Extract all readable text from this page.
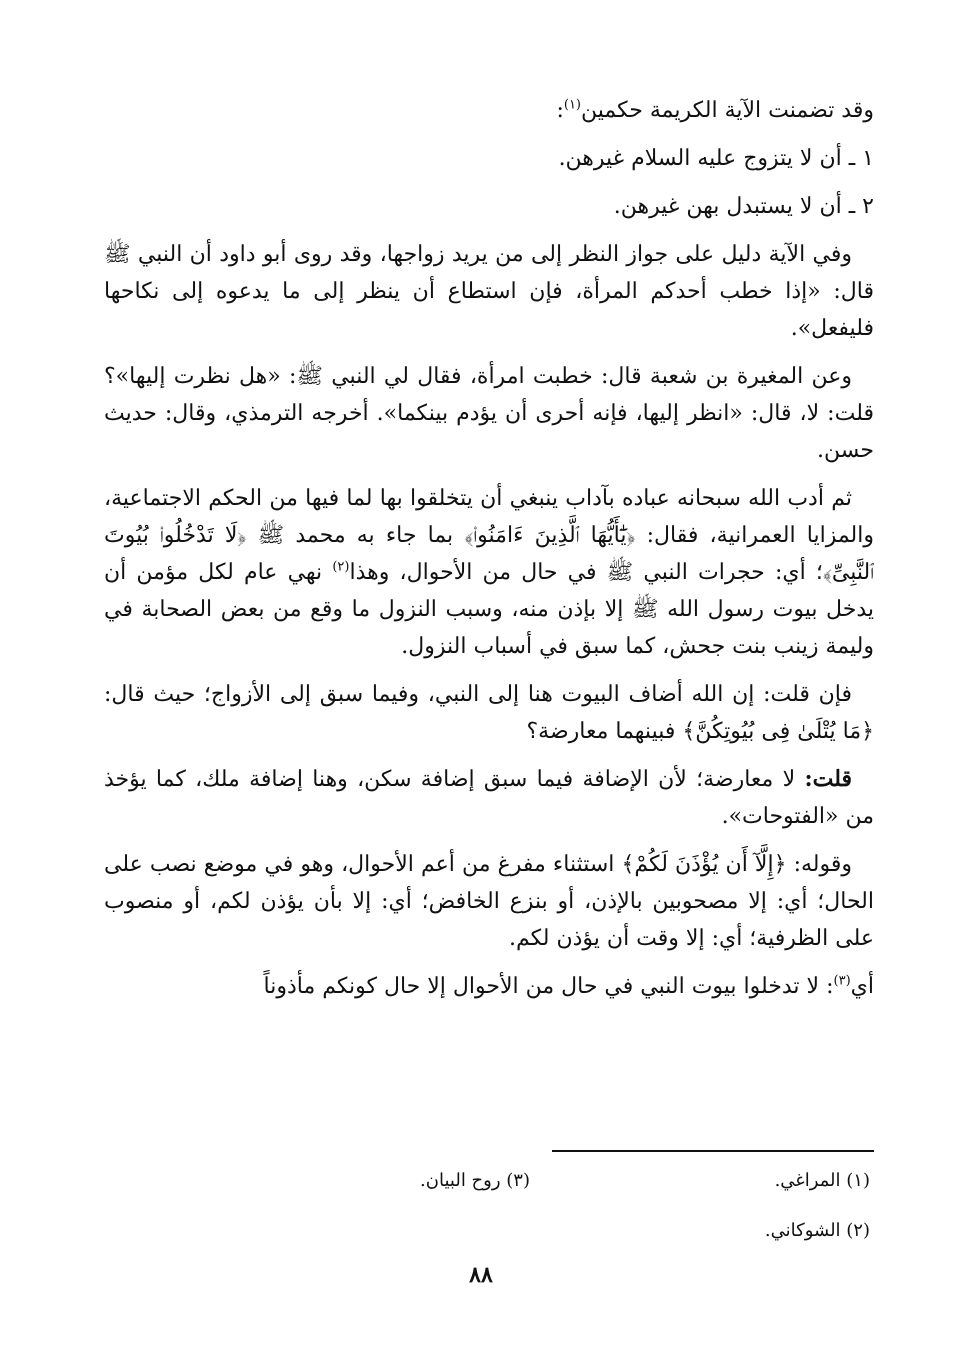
وقد تضمنت الآية الكريمة حكمين$^{(١)}$:

١ ـ أن لا يتزوج عليه السلام غيرهن.

٢ ـ أن لا يستبدل بهن غيرهن.

وفي الآية دليل على جواز النظر إلى من يريد زواجها، وقد روى أبو داود أن النبي ﷺ قال: «إذا خطب أحدكم المرأة، فإن استطاع أن ينظر إلى ما يدعوه إلى نكاحها فليفعل».

وعن المغيرة بن شعبة قال: خطبت امرأة، فقال لي النبي ﷺ: «هل نظرت إليها»؟ قلت: لا، قال: «انظر إليها، فإنه أحرى أن يؤدم بينكما». أخرجه الترمذي، وقال: حديث حسن.

ثم أدب الله سبحانه عباده بآداب ينبغي أن يتخلقوا بها لما فيها من الحكم الاجتماعية، والمزايا العمرانية، فقال: ﴿يَٰٓأَيُّهَا ٱلَّذِينَ ءَامَنُوا۟﴾ بما جاء به محمد ﷺ ﴿لَا تَدْخُلُوا۟ بُيُوتَ ٱلنَّبِىِّ﴾؛ أي: حجرات النبي ﷺ في حال من الأحوال، وهذا$^{(٢)}$ نهي عام لكل مؤمن أن يدخل بيوت رسول الله ﷺ إلا بإذن منه، وسبب النزول ما وقع من بعض الصحابة في وليمة زينب بنت جحش، كما سبق في أسباب النزول.

فإن قلت: إن الله أضاف البيوت هنا إلى النبي، وفيما سبق إلى الأزواج؛ حيث قال: ﴿مَا يُتْلَىٰ فِى بُيُوتِكُنَّ﴾ فبينهما معارضة؟

قلت: لا معارضة؛ لأن الإضافة فيما سبق إضافة سكن، وهنا إضافة ملك، كما يؤخذ من «الفتوحات».

وقوله: ﴿إِلَّآ أَن يُؤْذَنَ لَكُمْ﴾ استثناء مفرغ من أعم الأحوال، وهو في موضع نصب على الحال؛ أي: إلا مصحوبين بالإذن، أو بنزع الخافض؛ أي: إلا بأن يؤذن لكم، أو منصوب على الظرفية؛ أي: إلا وقت أن يؤذن لكم.

أي$^{(٣)}$: لا تدخلوا بيوت النبي في حال من الأحوال إلا حال كونكم مأذوناً

(١) المراغي.
(٣) روح البيان.
(٢) الشوكاني.
٨٨
